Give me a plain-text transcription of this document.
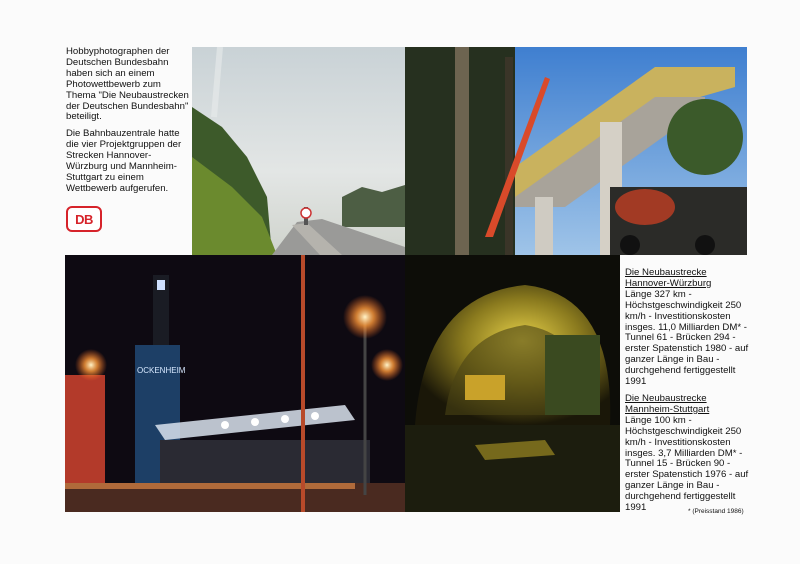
Hobbyphotographen der Deutschen Bundesbahn haben sich an einem Photowettbewerb zum Thema "Die Neubaustrecken der Deutschen Bundesbahn" beteiligt.

Die Bahnbauzentrale hatte die vier Projektgruppen der Strecken Hannover-Würzburg und Mannheim-Stuttgart zu einem Wettbewerb aufgerufen.

DB
OCKENHEIM
Die Neubaustrecke
Hannover-Würzburg
Länge 327 km - Höchstgeschwindigkeit 250 km/h - Investitionskosten insges. 11,0 Milliarden DM* - Tunnel 61 - Brücken 294 - erster Spatenstich 1980 - auf ganzer Länge in Bau - durchgehend fertiggestellt 1991
Die Neubaustrecke
Mannheim-Stuttgart
Länge 100 km - Höchstgeschwindigkeit 250 km/h - Investitionskosten insges. 3,7 Milliarden DM* - Tunnel 15 - Brücken 90 - erster Spatenstich 1976 - auf ganzer Länge in Bau - durchgehend fertiggestellt 1991	* (Preisstand 1986)
